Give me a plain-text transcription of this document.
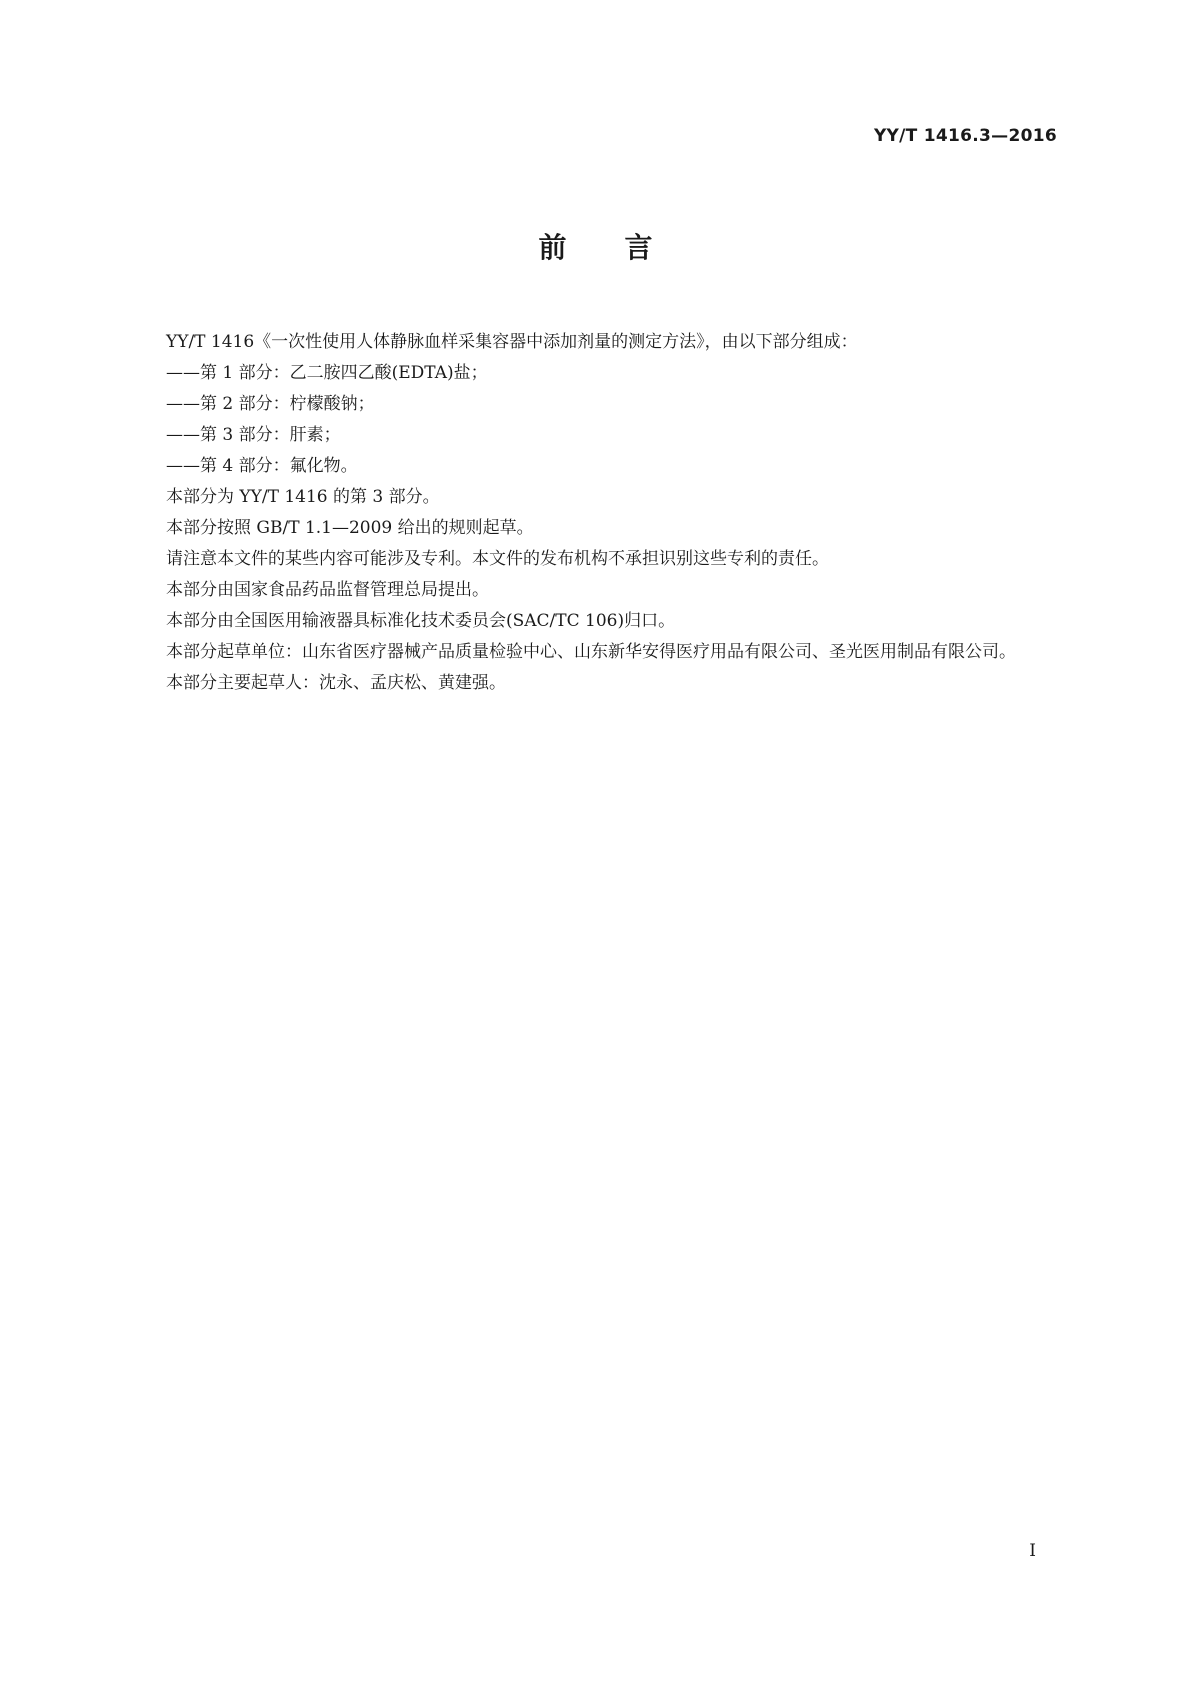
YY/T 1416.3—2016
前言

YY/T 1416《一次性使用人体静脉血样采集容器中添加剂量的测定方法》，由以下部分组成：

——第 1 部分：乙二胺四乙酸(EDTA)盐；

——第 2 部分：柠檬酸钠；

——第 3 部分：肝素；

——第 4 部分：氟化物。

本部分为 YY/T 1416 的第 3 部分。

本部分按照 GB/T 1.1—2009 给出的规则起草。

请注意本文件的某些内容可能涉及专利。本文件的发布机构不承担识别这些专利的责任。

本部分由国家食品药品监督管理总局提出。

本部分由全国医用输液器具标准化技术委员会(SAC/TC 106)归口。

本部分起草单位：山东省医疗器械产品质量检验中心、山东新华安得医疗用品有限公司、圣光医用制品有限公司。

本部分主要起草人：沈永、孟庆松、黄建强。

I
